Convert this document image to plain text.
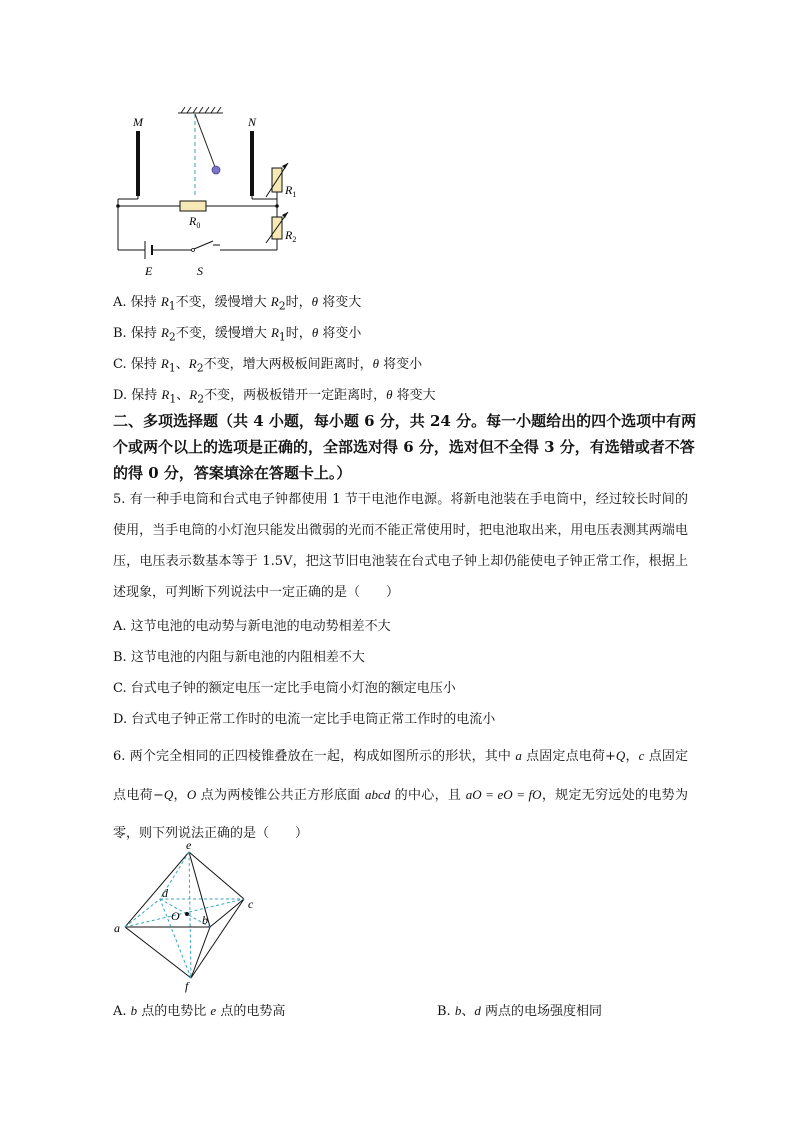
M	N
$R_0$
$R_1$
$R_2$
E	S
A. 保持 $R_1$不变，缓慢增大 $R_2$时，θ 将变大
B. 保持 $R_2$不变，缓慢增大 $R_1$时，θ 将变小
C. 保持 $R_1$、$R_2$不变，增大两极板间距离时，θ 将变小
D. 保持 $R_1$、$R_2$不变，两极板错开一定距离时，θ 将变大
二、多项选择题（共 4 小题，每小题 6 分，共 24 分。每一小题给出的四个选项中有两个或两个以上的选项是正确的，全部选对得 6 分，选对但不全得 3 分，有选错或者不答的得 0 分，答案填涂在答题卡上。）
5. 有一种手电筒和台式电子钟都使用 1 节干电池作电源。将新电池装在手电筒中，经过较长时间的使用，当手电筒的小灯泡只能发出微弱的光而不能正常使用时，把电池取出来，用电压表测其两端电压，电压表示数基本等于 1.5V，把这节旧电池装在台式电子钟上却仍能使电子钟正常工作，根据上述现象，可判断下列说法中一定正确的是（　　）
A. 这节电池的电动势与新电池的电动势相差不大
B. 这节电池的内阻与新电池的内阻相差不大
C. 台式电子钟的额定电压一定比手电筒小灯泡的额定电压小
D. 台式电子钟正常工作时的电流一定比手电筒正常工作时的电流小
6. 两个完全相同的正四棱锥叠放在一起，构成如图所示的形状，其中 a 点固定点电荷+Q，c 点固定点电荷−Q，O 点为两棱锥公共正方形底面 abcd 的中心，且 aO = eO = fO，规定无穷远处的电势为零，则下列说法正确的是（　　）
e
d
O b
c
a
f
A. b 点的电势比 e 点的电势高	B. b、d 两点的电场强度相同
